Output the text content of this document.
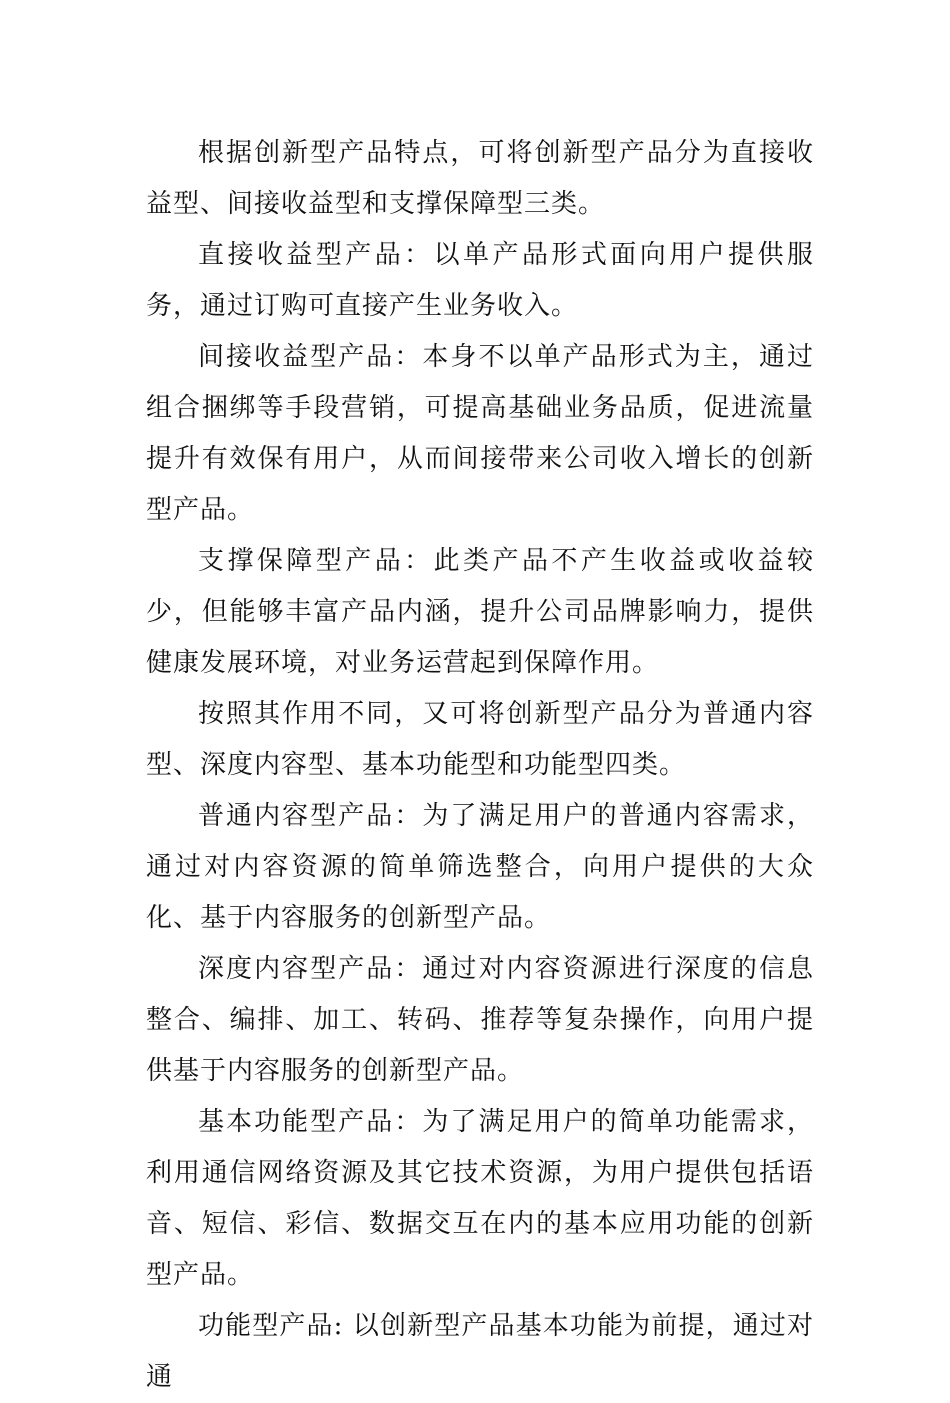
根据创新型产品特点，可将创新型产品分为直接收益型、间接收益型和支撑保障型三类。

直接收益型产品：以单产品形式面向用户提供服务，通过订购可直接产生业务收入。

间接收益型产品：本身不以单产品形式为主，通过组合捆绑等手段营销，可提高基础业务品质，促进流量提升有效保有用户，从而间接带来公司收入增长的创新型产品。

支撑保障型产品：此类产品不产生收益或收益较少，但能够丰富产品内涵，提升公司品牌影响力，提供健康发展环境，对业务运营起到保障作用。

按照其作用不同，又可将创新型产品分为普通内容型、深度内容型、基本功能型和功能型四类。

普通内容型产品：为了满足用户的普通内容需求，通过对内容资源的简单筛选整合，向用户提供的大众化、基于内容服务的创新型产品。

深度内容型产品：通过对内容资源进行深度的信息整合、编排、加工、转码、推荐等复杂操作，向用户提供基于内容服务的创新型产品。

基本功能型产品：为了满足用户的简单功能需求，利用通信网络资源及其它技术资源，为用户提供包括语音、短信、彩信、数据交互在内的基本应用功能的创新型产品。

功能型产品: 以创新型产品基本功能为前提，通过对通
